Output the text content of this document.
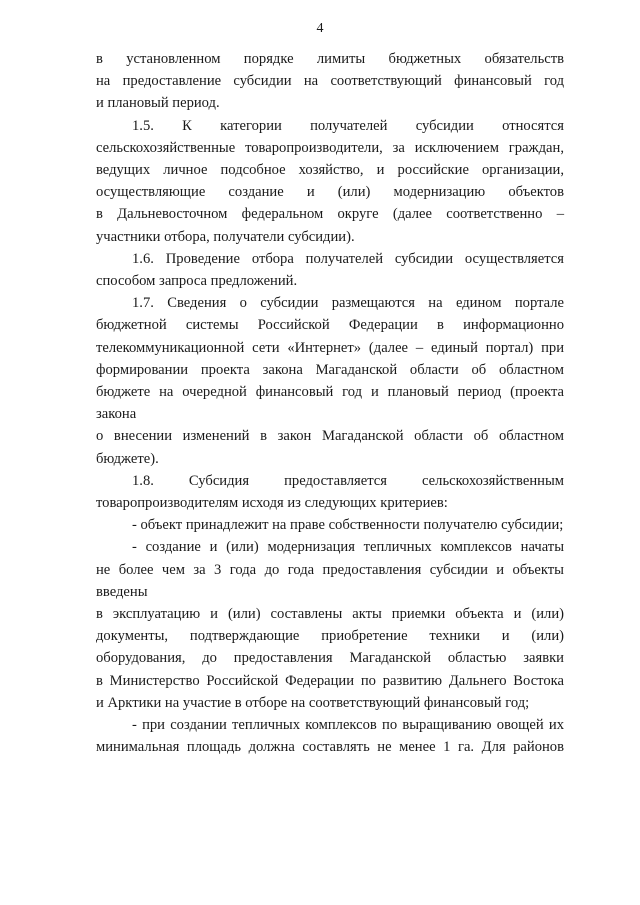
4
в установленном порядке лимиты бюджетных обязательств
на предоставление субсидии на соответствующий финансовый год
и плановый период.
1.5. К категории получателей субсидии относятся
сельскохозяйственные товаропроизводители, за исключением граждан,
ведущих личное подсобное хозяйство, и российские организации,
осуществляющие создание и (или) модернизацию объектов
в Дальневосточном федеральном округе (далее соответственно –
участники отбора, получатели субсидии).
1.6. Проведение отбора получателей субсидии осуществляется
способом запроса предложений.
1.7. Сведения о субсидии размещаются на едином портале
бюджетной системы Российской Федерации в информационно
телекоммуникационной сети «Интернет» (далее – единый портал) при
формировании проекта закона Магаданской области об областном
бюджете на очередной финансовый год и плановый период (проекта закона
о внесении изменений в закон Магаданской области об областном
бюджете).
1.8. Субсидия предоставляется сельскохозяйственным
товаропроизводителям исходя из следующих критериев:
- объект принадлежит на праве собственности получателю субсидии;
- создание и (или) модернизация тепличных комплексов начаты
не более чем за 3 года до года предоставления субсидии и объекты введены
в эксплуатацию и (или) составлены акты приемки объекта и (или)
документы, подтверждающие приобретение техники и (или)
оборудования, до предоставления Магаданской областью заявки
в Министерство Российской Федерации по развитию Дальнего Востока
и Арктики на участие в отборе на соответствующий финансовый год;
- при создании тепличных комплексов по выращиванию овощей их
минимальная площадь должна составлять не менее 1 га. Для районов
